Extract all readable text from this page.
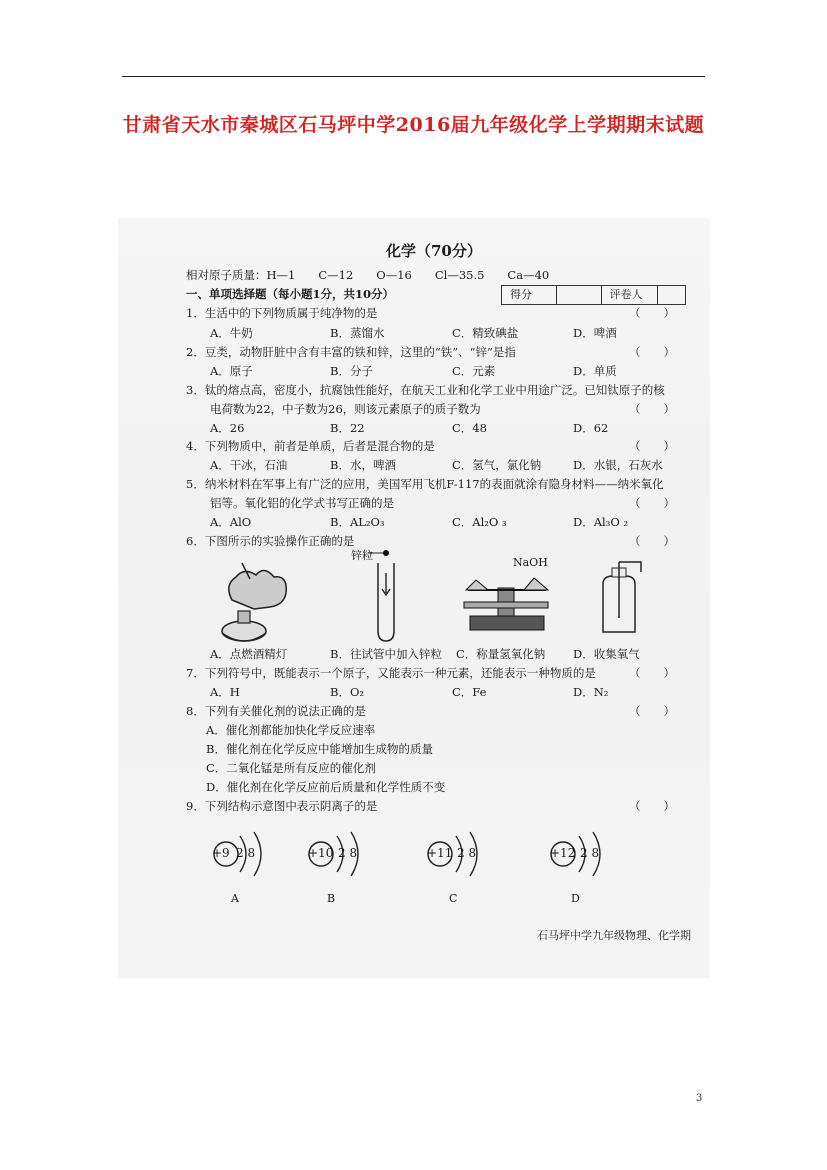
甘肃省天水市秦城区石马坪中学2016届九年级化学上学期期末试题
化学（70分）
相对原子质量：H—1　　C—12　　O—16　　Cl—35.5　　Ca—40
一、单项选择题（每小题1分，共10分）	得分	评卷人
1．生活中的下列物质属于纯净物的是	（　　）
A．牛奶	B．蒸馏水	C．精致碘盐	D．啤酒
2．豆类，动物肝脏中含有丰富的铁和锌，这里的“铁”、“锌”是指	（　　）
A．原子	B．分子	C．元素	D．单质
3．钛的熔点高，密度小，抗腐蚀性能好，在航天工业和化学工业中用途广泛。已知钛原子的核
电荷数为22，中子数为26，则该元素原子的质子数为	（　　）
A．26	B．22	C．48	D．62
4．下列物质中，前者是单质，后者是混合物的是	（　　）
A．干冰，石油	B．水，啤酒	C．氢气，氯化钠	D．水银，石灰水
5．纳米材料在军事上有广泛的应用，美国军用飞机F-117的表面就涂有隐身材料——纳米氧化
铝等。氧化铝的化学式书写正确的是	（　　）
A．AlO	B．AL₂O₃	C．Al₂O ₃	D．Al₃O ₂
6．下图所示的实验操作正确的是	（　　）
锌粒
NaOH
A．点燃酒精灯	B．往试管中加入锌粒 C．称量氢氧化钠 D．收集氧气
7．下列符号中，既能表示一个原子，又能表示一种元素，还能表示一种物质的是	（　　）
A．H	B．O₂	C．Fe	D．N₂
8．下列有关催化剂的说法正确的是	（　　）
A．催化剂都能加快化学反应速率
B．催化剂在化学反应中能增加生成物的质量
C．二氧化锰是所有反应的催化剂
D．催化剂在化学反应前后质量和化学性质不变
9．下列结构示意图中表示阴离子的是	（　　）
+9 2 8	+10 2 8	+11 2 8	+12 2 8
A	B	C	D
石马坪中学九年级物理、化学期
3
